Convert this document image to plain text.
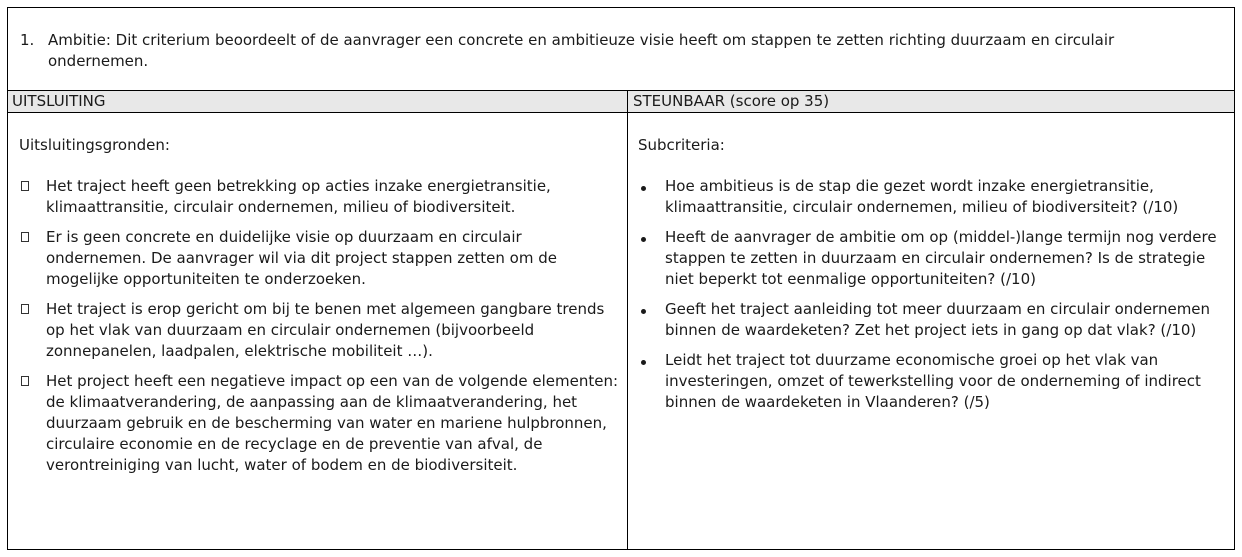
1. Ambitie: Dit criterium beoordeelt of de aanvrager een concrete en ambitieuze visie heeft om stappen te zetten richting duurzaam en circulair ondernemen.
UITSLUITING	STEUNBAAR (score op 35)
Uitsluitingsgronden:
Het traject heeft geen betrekking op acties inzake energietransitie, klimaattransitie, circulair ondernemen, milieu of biodiversiteit.
Er is geen concrete en duidelijke visie op duurzaam en circulair ondernemen. De aanvrager wil via dit project stappen zetten om de mogelijke opportuniteiten te onderzoeken.
Het traject is erop gericht om bij te benen met algemeen gangbare trends op het vlak van duurzaam en circulair ondernemen (bijvoorbeeld zonnepanelen, laadpalen, elektrische mobiliteit …).
Het project heeft een negatieve impact op een van de volgende elementen: de klimaatverandering, de aanpassing aan de klimaatverandering, het duurzaam gebruik en de bescherming van water en mariene hulpbronnen, circulaire economie en de recyclage en de preventie van afval, de verontreiniging van lucht, water of bodem en de biodiversiteit.
Subcriteria:
Hoe ambitieus is de stap die gezet wordt inzake energietransitie, klimaattransitie, circulair ondernemen, milieu of biodiversiteit? (/10)
Heeft de aanvrager de ambitie om op (middel-)lange termijn nog verdere stappen te zetten in duurzaam en circulair ondernemen? Is de strategie niet beperkt tot eenmalige opportuniteiten? (/10)
Geeft het traject aanleiding tot meer duurzaam en circulair ondernemen binnen de waardeketen? Zet het project iets in gang op dat vlak? (/10)
Leidt het traject tot duurzame economische groei op het vlak van investeringen, omzet of tewerkstelling voor de onderneming of indirect binnen de waardeketen in Vlaanderen? (/5)
